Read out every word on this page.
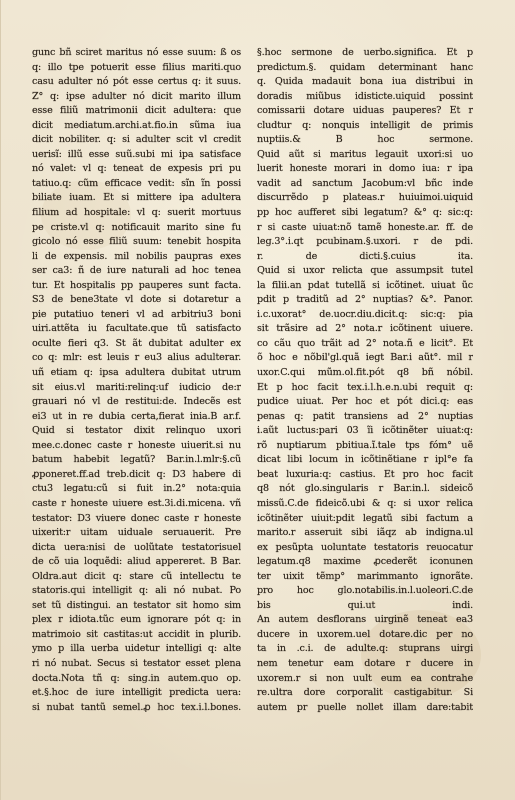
gunc bñ sciret maritus nó esse suum: ß os
q: illo tpe potuerit esse filius mariti.quo
casu adulter nó pót esse certus q: it suus.
Z° q: ipse adulter nó dicit marito illum
esse filiũ matrimonii dicit adultera: que
dicit mediatum.archi.at.fio.in sũma iua
dicit nobiliter. q: si adulter scit vl credit
uerisĩ: illũ esse suũ.subi mi ipa satisface
nó valet: vl q: teneat de expesis pri pu
tatiuo.q: cũm efficace vedit: sĩn ĩn possi
biliate iuam. Et si mittere ipa adultera
filium ad hospitale: vl q: suerit mortuus
pe criste.vl q: notificauit marito sine fu
gicolo nó esse filiũ suum: tenebit hospita
li de expensis. mil nobilis paupras exes
ser ca3: ñ de iure naturali ad hoc tenea
tur. Et hospitalis pp pauperes sunt facta.
S3 de bene3tate vl dote si dotaretur a
pie putatiuo teneri vl ad arbitriu3 boni
uiri.attẽta iu facultate.que tũ satisfacto
oculte fieri q3. St ãt dubitat adulter ex
co q: mlr: est leuis r eu3 alius adulterar.
uñ etiam q: ipsa adultera dubitat utrum
sit eius.vl mariti:relinq:uf iudicio de:r
grauari nó vl de restitui:de. Indecẽs est
ei3 ut in re dubia certa,fierat inia.B ar.f.
Quid si testator dixit relinquo uxori
mee.c.donec caste r honeste uiuerit.si nu
batum habebit legatũ? Bar.in.l.mlr:§.cũ
ꝓponeret.ff.ad treb.dicit q: D3 habere di
ctu3 legatu:cũ si fuit in.2° nota:quia
caste r honeste uiuere est.3i.di.micena. vñ
testator: D3 viuere donec caste r honeste
uixerit:r uitam uiduale seruauerit. Pre
dicta uera:nisi de uolũtate testatorisuel
de cõ uia loquẽdi: aliud appereret. B Bar.
Oldra.aut dicit q: stare cũ intellectu te
statoris.qui intelligit q: ali nó nubat. Po
set tũ distingui. an testator sit homo sim
plex r idiota.tũc eum ignorare pót q: in
matrimoio sit castitas:ut accidit in plurib.
ymo p illa uerba uidetur intelligi q: alte
ri nó nubat. Secus si testator esset plena
docta.Nota tñ q: sing.in autem.quo op.
et.§.hoc de iure intelligit predicta uera:
si nubat tantũ semel.ꝓ hoc tex.i.l.bones.
§.hoc sermone de uerbo.significa. Et p
predictum.§. quidam determinant hanc
q. Quida madauit bona iua distribui in
doradis miũbus idisticte.uiquid possint
comissarii dotare uiduas pauperes? Et r
cludtur q: nonquis intelligit de primis
nuptiis.& B hoc sermone.
Quid aũt si maritus legauit uxori:si uo
luerit honeste morari in domo iua: r ipa
vadit ad sanctum Jacobum:vl bñc inde
discurrẽdo p plateas.r huiuimoi.uiquid
pp hoc aufferet sibi legatum? &° q: sic:q:
r si caste uiuat:nõ tamẽ honeste.ar. ff. de
leg.3°.i.qt pcubinam.§.uxori. r de pdi.
r. de dicti.§.cuius ita.
Quid si uxor relicta que assumpsit tutel
la filii.an pdat tutellã si icõtinet. uiuat ũc
pdit p traditũ ad 2° nuptias? &°. Panor.
i.c.uxorat° de.uocr.diu.dicit.q: sic:q: pia
sit trãsire ad 2° nota.r icõtinent uiuere.
co cãu quo trãit ad 2° nota.ñ e licit°. Et
õ hoc e nõbil'gl.quã iegt Bar.i aũt°. mil r
uxor.C.qui mũm.ol.fit.pót q8 bñ nóbil.
Et p hoc facit tex.i.l.h.e.n.ubi requit q:
pudice uiuat. Per hoc et pót dici.q: eas
penas q: patit transiens ad 2° nuptias
i.aũt luctus:pari 03 ĩi icõtinẽter uiuat:q:
rõ nuptiarum pbitiua.ĩ.tale tps fóm° uẽ
dicat libi locum in icõtinẽtiane r ipl°e fa
beat luxuria:q: castius. Et pro hoc facit
q8 nót glo.singularis r Bar.in.l. sideicõ
missũ.C.de fideicõ.ubi & q: si uxor relica
icõtinẽter uiuit:pdit legatũ sibi factum a
marito.r asseruit sibi iãqz ab indigna.ul
ex pesũpta uoluntate testatoris reuocatur
legatum.q8 maxime ꝓcederẽt iconunen
ter uixit tẽmp° marimmanto ignorãte.
pro hoc glo.notabilis.in.l.uoleori.C.de
bis qui.ut indi.
An autem desflorans uirginẽ teneat ea3
ducere in uxorem.uel dotare.dic per no
ta in .c.i. de adulte.q: stuprans uirgi
nem tenetur eam dotare r ducere in
uxorem.r si non uult eum ea contrahe
re.ultra dore corporalit castigabitur. Si
autem pr puelle nollet illam dare:tabit
